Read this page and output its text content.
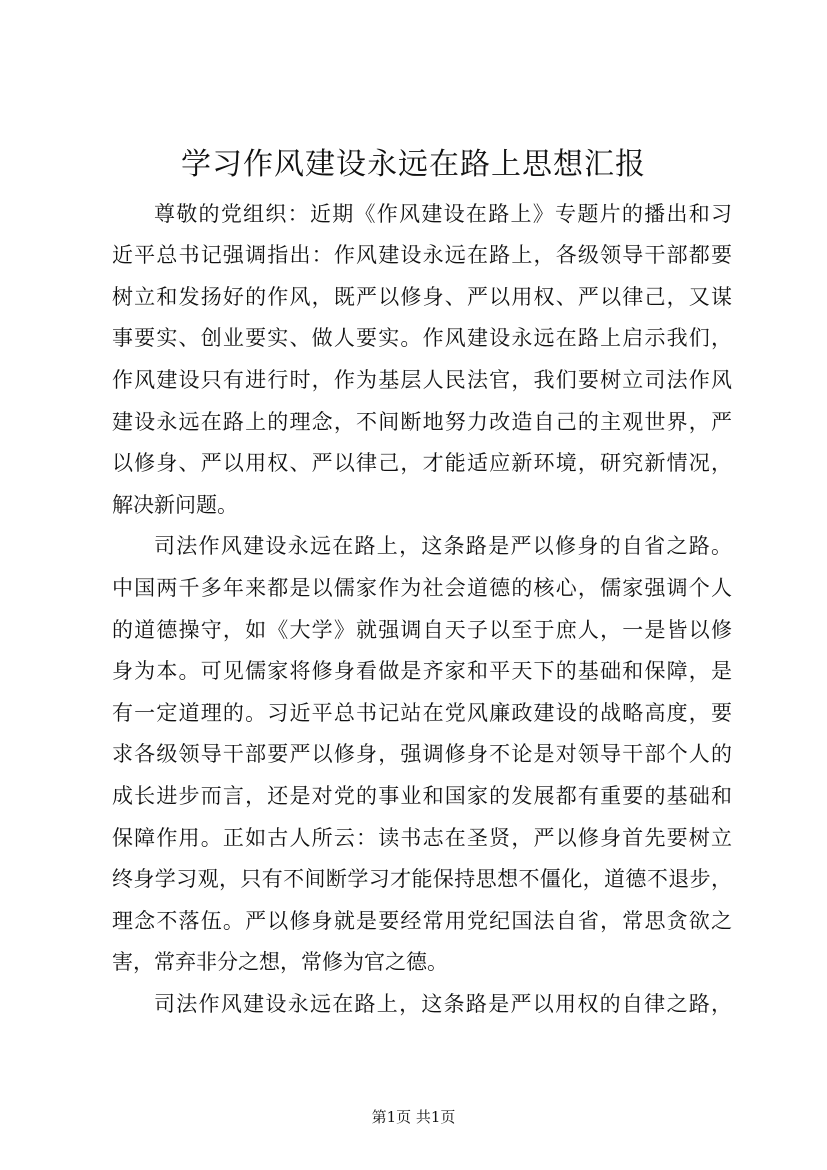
学习作风建设永远在路上思想汇报

尊敬的党组织：近期《作风建设在路上》专题片的播出和习

近平总书记强调指出：作风建设永远在路上，各级领导干部都要

树立和发扬好的作风，既严以修身、严以用权、严以律己，又谋

事要实、创业要实、做人要实。作风建设永远在路上启示我们，

作风建设只有进行时，作为基层人民法官，我们要树立司法作风

建设永远在路上的理念，不间断地努力改造自己的主观世界，严

以修身、严以用权、严以律己，才能适应新环境，研究新情况，

解决新问题。

司法作风建设永远在路上，这条路是严以修身的自省之路。

中国两千多年来都是以儒家作为社会道德的核心，儒家强调个人

的道德操守，如《大学》就强调自天子以至于庶人，一是皆以修

身为本。可见儒家将修身看做是齐家和平天下的基础和保障，是

有一定道理的。习近平总书记站在党风廉政建设的战略高度，要

求各级领导干部要严以修身，强调修身不论是对领导干部个人的

成长进步而言，还是对党的事业和国家的发展都有重要的基础和

保障作用。正如古人所云：读书志在圣贤，严以修身首先要树立

终身学习观，只有不间断学习才能保持思想不僵化，道德不退步，

理念不落伍。严以修身就是要经常用党纪国法自省，常思贪欲之

害，常弃非分之想，常修为官之德。

司法作风建设永远在路上，这条路是严以用权的自律之路，

第1页 共1页
